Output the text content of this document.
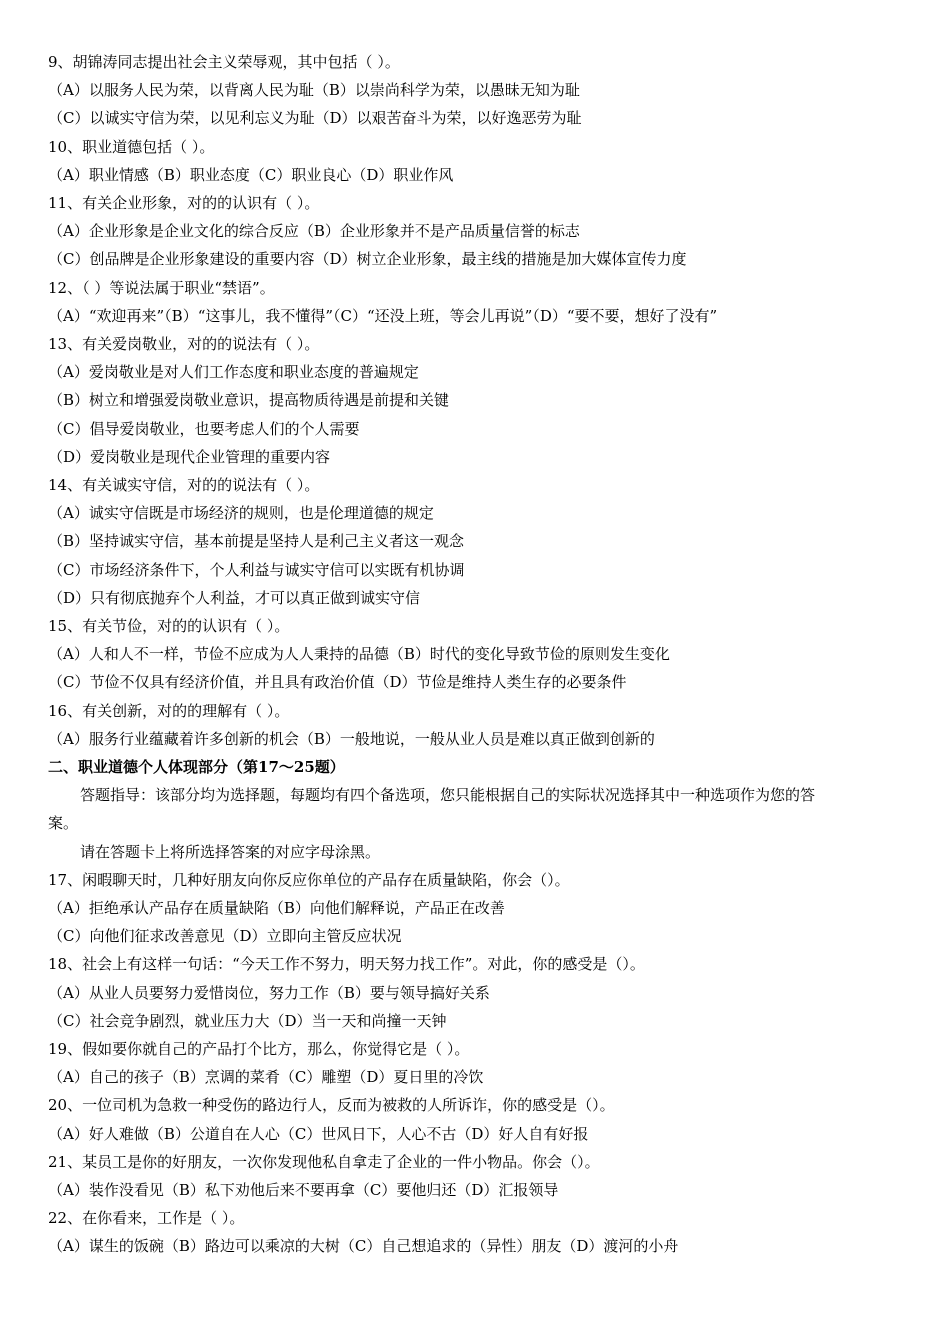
9、胡锦涛同志提出社会主义荣辱观，其中包括（ ）。
（A）以服务人民为荣，以背离人民为耻（B）以崇尚科学为荣，以愚昧无知为耻
（C）以诚实守信为荣，以见利忘义为耻（D）以艰苦奋斗为荣，以好逸恶劳为耻
10、职业道德包括（ ）。
（A）职业情感（B）职业态度（C）职业良心（D）职业作风
11、有关企业形象，对的的认识有（ ）。
（A）企业形象是企业文化的综合反应（B）企业形象并不是产品质量信誉的标志
（C）创品牌是企业形象建设的重要内容（D）树立企业形象，最主线的措施是加大媒体宣传力度
12、（ ）等说法属于职业“禁语”。
（A）“欢迎再来”（B）“这事儿，我不懂得”（C）“还没上班，等会儿再说”（D）“要不要，想好了没有”
13、有关爱岗敬业，对的的说法有（ ）。
（A）爱岗敬业是对人们工作态度和职业态度的普遍规定
（B）树立和增强爱岗敬业意识，提高物质待遇是前提和关键
（C）倡导爱岗敬业，也要考虑人们的个人需要
（D）爱岗敬业是现代企业管理的重要内容
14、有关诚实守信，对的的说法有（ ）。
（A）诚实守信既是市场经济的规则，也是伦理道德的规定
（B）坚持诚实守信，基本前提是坚持人是利己主义者这一观念
（C）市场经济条件下，个人利益与诚实守信可以实既有机协调
（D）只有彻底抛弃个人利益，才可以真正做到诚实守信
15、有关节俭，对的的认识有（ ）。
（A）人和人不一样，节俭不应成为人人秉持的品德（B）时代的变化导致节俭的原则发生变化
（C）节俭不仅具有经济价值，并且具有政治价值（D）节俭是维持人类生存的必要条件
16、有关创新，对的的理解有（ ）。
（A）服务行业蕴藏着许多创新的机会（B）一般地说，一般从业人员是难以真正做到创新的
二、职业道德个人体现部分（第17～25题）
答题指导：该部分均为选择题，每题均有四个备选项，您只能根据自己的实际状况选择其中一种选项作为您的答
案。
请在答题卡上将所选择答案的对应字母涂黑。
17、闲暇聊天时，几种好朋友向你反应你单位的产品存在质量缺陷，你会（）。
（A）拒绝承认产品存在质量缺陷（B）向他们解释说，产品正在改善
（C）向他们征求改善意见（D）立即向主管反应状况
18、社会上有这样一句话：“今天工作不努力，明天努力找工作”。对此，你的感受是（）。
（A）从业人员要努力爱惜岗位，努力工作（B）要与领导搞好关系
（C）社会竞争剧烈，就业压力大（D）当一天和尚撞一天钟
19、假如要你就自己的产品打个比方，那么，你觉得它是（ ）。
（A）自己的孩子（B）烹调的菜肴（C）雕塑（D）夏日里的冷饮
20、一位司机为急救一种受伤的路边行人，反而为被救的人所诉诈，你的感受是（）。
（A）好人难做（B）公道自在人心（C）世风日下，人心不古（D）好人自有好报
21、某员工是你的好朋友，一次你发现他私自拿走了企业的一件小物品。你会（）。
（A）装作没看见（B）私下劝他后来不要再拿（C）要他归还（D）汇报领导
22、在你看来，工作是（ ）。
（A）谋生的饭碗（B）路边可以乘凉的大树（C）自己想追求的（异性）朋友（D）渡河的小舟
